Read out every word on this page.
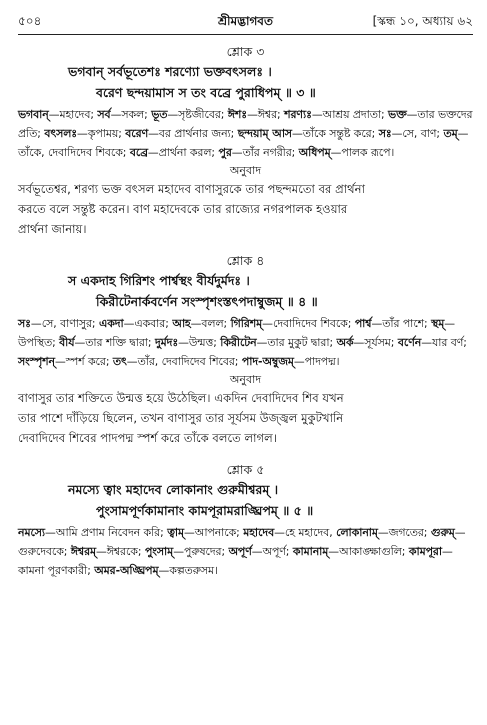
৫০৪	শ্রীমদ্ভাগবত	[স্কন্ধ ১০, অধ্যায় ৬২
শ্লোক ৩
ভগবান্ সর্বভূতেশঃ শরণ্যো ভক্তবৎসলঃ ।
বরেণ ছন্দয়ামাস স তং বব্রে পুরাধিপম্ ॥ ৩ ॥
ভগবান্—মহাদেব; সর্ব—সকল; ভূত—সৃষ্টজীবের; ঈশঃ—ঈশ্বর; শরণ্যঃ—আশ্রয় প্রদাতা; ভক্ত—তার ভক্তদের প্রতি; বৎসলঃ—কৃপাময়; বরেণ—বর প্রার্থনার জন্য; ছন্দয়াম্ আস—তাঁকে সন্তুষ্ট করে; সঃ—সে, বাণ; তম্—তাঁকে, দেবাদিদেব শিবকে; বব্রে—প্রার্থনা করল; পুর—তাঁর নগরীর; অধিপম্—পালক রূপে।
অনুবাদ
সর্বভূতেশ্বর, শরণ্য ভক্ত বৎসল মহাদেব বাণাসুরকে তার পছন্দমতো বর প্রার্থনা
করতে বলে সন্তুষ্ট করেন। বাণ মহাদেবকে তার রাজ্যের নগরপালক হওয়ার
প্রার্থনা জানায়।
শ্লোক ৪
স একদাহ গিরিশং পার্শ্বস্থং বীর্যদুর্মদঃ ।
কিরীটেনার্কবর্ণেন সংস্পৃশংস্তৎপদাম্বুজম্ ॥ ৪ ॥
সঃ—সে, বাণাসুর; একদা—একবার; আহ—বলল; গিরিশম্—দেবাদিদেব শিবকে; পার্শ্ব—তাঁর পাশে; স্থম্—উপস্থিত; বীর্য—তার শক্তি দ্বারা; দুর্মদঃ—উন্মত্ত; কিরীটেন—তার মুকুট দ্বারা; অর্ক—সূর্যসম; বর্ণেন—যার বর্ণ; সংস্পৃশন্—স্পর্শ করে; তৎ—তাঁর, দেবাদিদেব শিবের; পাদ-অম্বুজম্—পাদপদ্ম।
অনুবাদ
বাণাসুর তার শক্তিতে উন্মত্ত হয়ে উঠেছিল। একদিন দেবাদিদেব শিব যখন
তার পাশে দাঁড়িয়ে ছিলেন, তখন বাণাসুর তার সূর্যসম উজ্জ্বল মুকুটখানি
দেবাদিদেব শিবের পাদপদ্ম স্পর্শ করে তাঁকে বলতে লাগল।
শ্লোক ৫
নমস্যে ত্বাং মহাদেব লোকানাং গুরুমীশ্বরম্ ।
পুংসামপূর্ণকামানাং কামপূরামরাঙ্ঘ্রিপম্ ॥ ৫ ॥
নমস্যে—আমি প্রণাম নিবেদন করি; ত্বাম্—আপনাকে; মহাদেব—হে মহাদেব, লোকানাম্—জগতের; গুরুম্—গুরুদেবকে; ঈশ্বরম্—ঈশ্বরকে; পুংসাম্—পুরুষদের; অপূর্ণ—অপূর্ণ; কামানাম্—আকাঙ্ক্ষাগুলি; কামপূরা—কামনা পূরণকারী; অমর-অঙ্ঘ্রিপম্—কল্পতরুসম।
